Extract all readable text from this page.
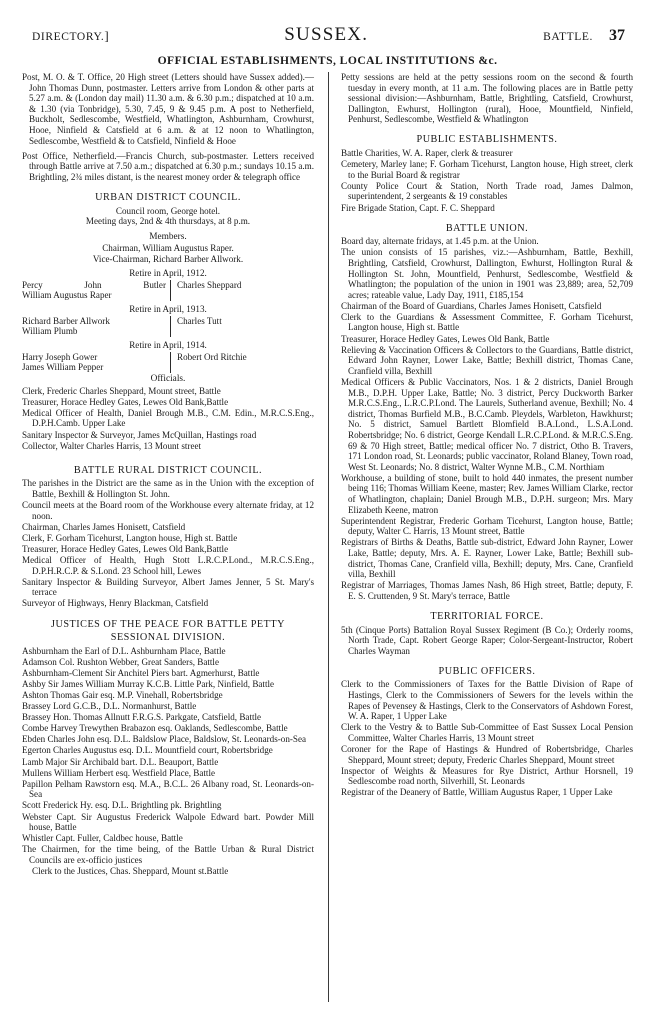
DIRECTORY.]	SUSSEX.	BATTLE. 37
OFFICIAL ESTABLISHMENTS, LOCAL INSTITUTIONS &c.

Post, M. O. & T. Office, 20 High street (Letters should have Sussex added).—John Thomas Dunn, postmaster. Letters arrive from London & other parts at 5.27 a.m. & (London day mail) 11.30 a.m. & 6.30 p.m.; dispatched at 10 a.m. & 1.30 (via Tonbridge), 5.30, 7.45, 9 & 9.45 p.m. A post to Netherfield, Buckholt, Sedlescombe, Westfield, Whatlington, Ashburnham, Crowhurst, Hooe, Ninfield & Catsfield at 6 a.m. & at 12 noon to Whatlington, Sedlescombe, Westfield & to Catsfield, Ninfield & Hooe

Post Office, Netherfield.—Francis Church, sub-postmaster. Letters received through Battle arrive at 7.50 a.m.; dispatched at 6.30 p.m.; sundays 10.15 a.m. Brightling, 2¾ miles distant, is the nearest money order & telegraph office

URBAN DISTRICT COUNCIL.
Council room, George hotel.
Meeting days, 2nd & 4th thursdays, at 8 p.m.
Members.
Chairman, William Augustus Raper.
Vice-Chairman, Richard Barber Allwork.
Retire in April, 1912.
Percy John Butler	Charles Sheppard
William Augustus Raper
Retire in April, 1913.
Richard Barber Allwork	Charles Tutt
William Plumb
Retire in April, 1914.
Harry Joseph Gower	Robert Ord Ritchie
James William Pepper
Officials.

Clerk, Frederic Charles Sheppard, Mount street, Battle

Treasurer, Horace Hedley Gates, Lewes Old Bank,Battle

Medical Officer of Health, Daniel Brough M.B., C.M. Edin., M.R.C.S.Eng., D.P.H.Camb. Upper Lake

Sanitary Inspector & Surveyor, James McQuillan, Hastings road

Collector, Walter Charles Harris, 13 Mount street

BATTLE RURAL DISTRICT COUNCIL.

The parishes in the District are the same as in the Union with the exception of Battle, Bexhill & Hollington St. John.

Council meets at the Board room of the Workhouse every alternate friday, at 12 noon.

Chairman, Charles James Honisett, Catsfield

Clerk, F. Gorham Ticehurst, Langton house, High st. Battle

Treasurer, Horace Hedley Gates, Lewes Old Bank,Battle

Medical Officer of Health, Hugh Stott L.R.C.P.Lond., M.R.C.S.Eng., D.P.H.R.C.P. & S.Lond. 23 School hill, Lewes

Sanitary Inspector & Building Surveyor, Albert James Jenner, 5 St. Mary's terrace

Surveyor of Highways, Henry Blackman, Catsfield

JUSTICES OF THE PEACE FOR BATTLE PETTY
SESSIONAL DIVISION.

Ashburnham the Earl of D.L. Ashburnham Place, Battle

Adamson Col. Rushton Webber, Great Sanders, Battle

Ashburnham-Clement Sir Anchitel Piers bart. Agmerhurst, Battle

Ashby Sir James William Murray K.C.B. Little Park, Ninfield, Battle

Ashton Thomas Gair esq. M.P. Vinehall, Robertsbridge

Brassey Lord G.C.B., D.L. Normanhurst, Battle

Brassey Hon. Thomas Allnutt F.R.G.S. Parkgate, Catsfield, Battle

Combe Harvey Trewythen Brabazon esq. Oaklands, Sedlescombe, Battle

Ebden Charles John esq. D.L. Baldslow Place, Baldslow, St. Leonards-on-Sea

Egerton Charles Augustus esq. D.L. Mountfield court, Robertsbridge

Lamb Major Sir Archibald bart. D.L. Beauport, Battle

Mullens William Herbert esq. Westfield Place, Battle

Papillon Pelham Rawstorn esq. M.A., B.C.L. 26 Albany road, St. Leonards-on-Sea

Scott Frederick Hy. esq. D.L. Brightling pk. Brightling

Webster Capt. Sir Augustus Frederick Walpole Edward bart. Powder Mill house, Battle

Whistler Capt. Fuller, Caldbec house, Battle

The Chairmen, for the time being, of the Battle Urban & Rural District Councils are ex-officio justices

Clerk to the Justices, Chas. Sheppard, Mount st.Battle

Petty sessions are held at the petty sessions room on the second & fourth tuesday in every month, at 11 a.m. The following places are in Battle petty sessional division:—Ashburnham, Battle, Brightling, Catsfield, Crowhurst, Dallington, Ewhurst, Hollington (rural), Hooe, Mountfield, Ninfield, Penhurst, Sedlescombe, Westfield & Whatlington

PUBLIC ESTABLISHMENTS.

Battle Charities, W. A. Raper, clerk & treasurer

Cemetery, Marley lane; F. Gorham Ticehurst, Langton house, High street, clerk to the Burial Board & registrar

County Police Court & Station, North Trade road, James Dalmon, superintendent, 2 sergeants & 19 constables

Fire Brigade Station, Capt. F. C. Sheppard

BATTLE UNION.

Board day, alternate fridays, at 1.45 p.m. at the Union.

The union consists of 15 parishes, viz.:—Ashburnham, Battle, Bexhill, Brightling, Catsfield, Crowhurst, Dallington, Ewhurst, Hollington Rural & Hollington St. John, Mountfield, Penhurst, Sedlescombe, Westfield & Whatlington; the population of the union in 1901 was 23,889; area, 52,709 acres; rateable value, Lady Day, 1911, £185,154

Chairman of the Board of Guardians, Charles James Honisett, Catsfield

Clerk to the Guardians & Assessment Committee, F. Gorham Ticehurst, Langton house, High st. Battle

Treasurer, Horace Hedley Gates, Lewes Old Bank, Battle

Relieving & Vaccination Officers & Collectors to the Guardians, Battle district, Edward John Rayner, Lower Lake, Battle; Bexhill district, Thomas Cane, Cranfield villa, Bexhill

Medical Officers & Public Vaccinators, Nos. 1 & 2 districts, Daniel Brough M.B., D.P.H. Upper Lake, Battle; No. 3 district, Percy Duckworth Barker M.R.C.S.Eng., L.R.C.P.Lond. The Laurels, Sutherland avenue, Bexhill; No. 4 district, Thomas Burfield M.B., B.C.Camb. Pleydels, Warbleton, Hawkhurst; No. 5 district, Samuel Bartlett Blomfield B.A.Lond., L.S.A.Lond. Robertsbridge; No. 6 district, George Kendall L.R.C.P.Lond. & M.R.C.S.Eng. 69 & 70 High street, Battle; medical officer No. 7 district, Otho B. Travers, 171 London road, St. Leonards; public vaccinator, Roland Blaney, Town road, West St. Leonards; No. 8 district, Walter Wynne M.B., C.M. Northiam

Workhouse, a building of stone, built to hold 440 inmates, the present number being 116; Thomas William Keene, master; Rev. James William Clarke, rector of Whatlington, chaplain; Daniel Brough M.B., D.P.H. surgeon; Mrs. Mary Elizabeth Keene, matron

Superintendent Registrar, Frederic Gorham Ticehurst, Langton house, Battle; deputy, Walter C. Harris, 13 Mount street, Battle

Registrars of Births & Deaths, Battle sub-district, Edward John Rayner, Lower Lake, Battle; deputy, Mrs. A. E. Rayner, Lower Lake, Battle; Bexhill sub-district, Thomas Cane, Cranfield villa, Bexhill; deputy, Mrs. Cane, Cranfield villa, Bexhill

Registrar of Marriages, Thomas James Nash, 86 High street, Battle; deputy, F. E. S. Cruttenden, 9 St. Mary's terrace, Battle

TERRITORIAL FORCE.

5th (Cinque Ports) Battalion Royal Sussex Regiment (B Co.); Orderly rooms, North Trade, Capt. Robert George Raper; Color-Sergeant-Instructor, Robert Charles Wayman

PUBLIC OFFICERS.

Clerk to the Commissioners of Taxes for the Battle Division of Rape of Hastings, Clerk to the Commissioners of Sewers for the levels within the Rapes of Pevensey & Hastings, Clerk to the Conservators of Ashdown Forest, W. A. Raper, 1 Upper Lake

Clerk to the Vestry & to Battle Sub-Committee of East Sussex Local Pension Committee, Walter Charles Harris, 13 Mount street

Coroner for the Rape of Hastings & Hundred of Robertsbridge, Charles Sheppard, Mount street; deputy, Frederic Charles Sheppard, Mount street

Inspector of Weights & Measures for Rye District, Arthur Horsnell, 19 Sedlescombe road north, Silverhill, St. Leonards

Registrar of the Deanery of Battle, William Augustus Raper, 1 Upper Lake
